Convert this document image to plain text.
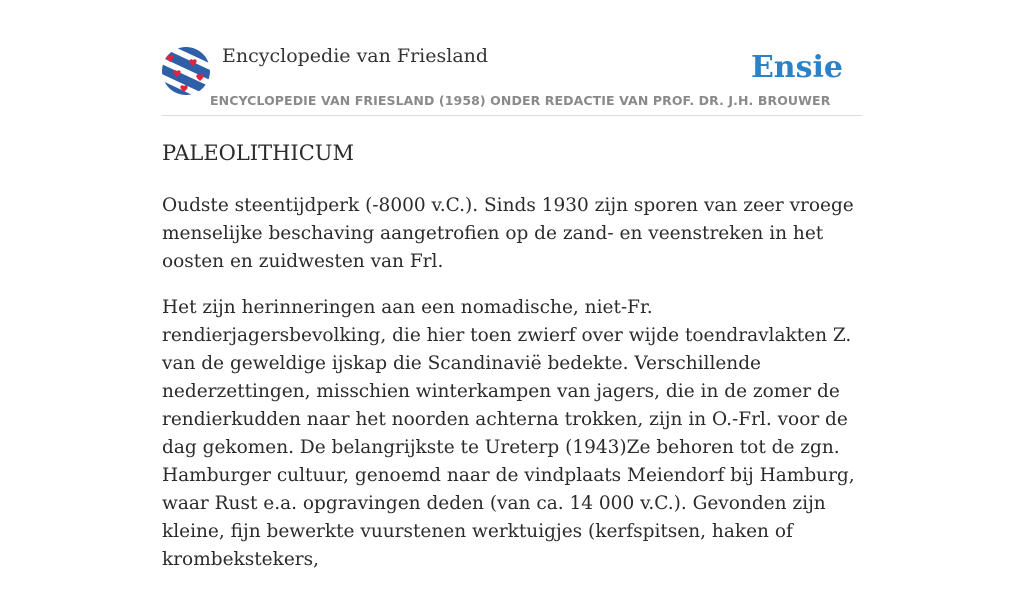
Encyclopedie van Friesland
ENCYCLOPEDIE VAN FRIESLAND (1958) ONDER REDACTIE VAN PROF. DR. J.H. BROUWER
Ensie
PALEOLITHICUM

Oudste steentijdperk (-8000 v.C.). Sinds 1930 zijn sporen van zeer vroege menselijke beschaving aangetrofien op de zand- en veenstreken in het oosten en zuidwesten van Frl.

Het zijn herinneringen aan een nomadische, niet-Fr. rendierjagersbevolking, die hier toen zwierf over wijde toendravlakten Z. van de geweldige ijskap die Scandinavië bedekte. Verschillende nederzettingen, misschien winterkampen van jagers, die in de zomer de rendierkudden naar het noorden achterna trokken, zijn in O.-Frl. voor de dag gekomen. De belangrijkste te Ureterp (1943)Ze behoren tot de zgn. Hamburger cultuur, genoemd naar de vindplaats Meiendorf bij Hamburg, waar Rust e.a. opgravingen deden (van ca. 14 000 v.C.). Gevonden zijn kleine, fijn bewerkte vuurstenen werktuigjes (kerfspitsen, haken of krombekstekers,
